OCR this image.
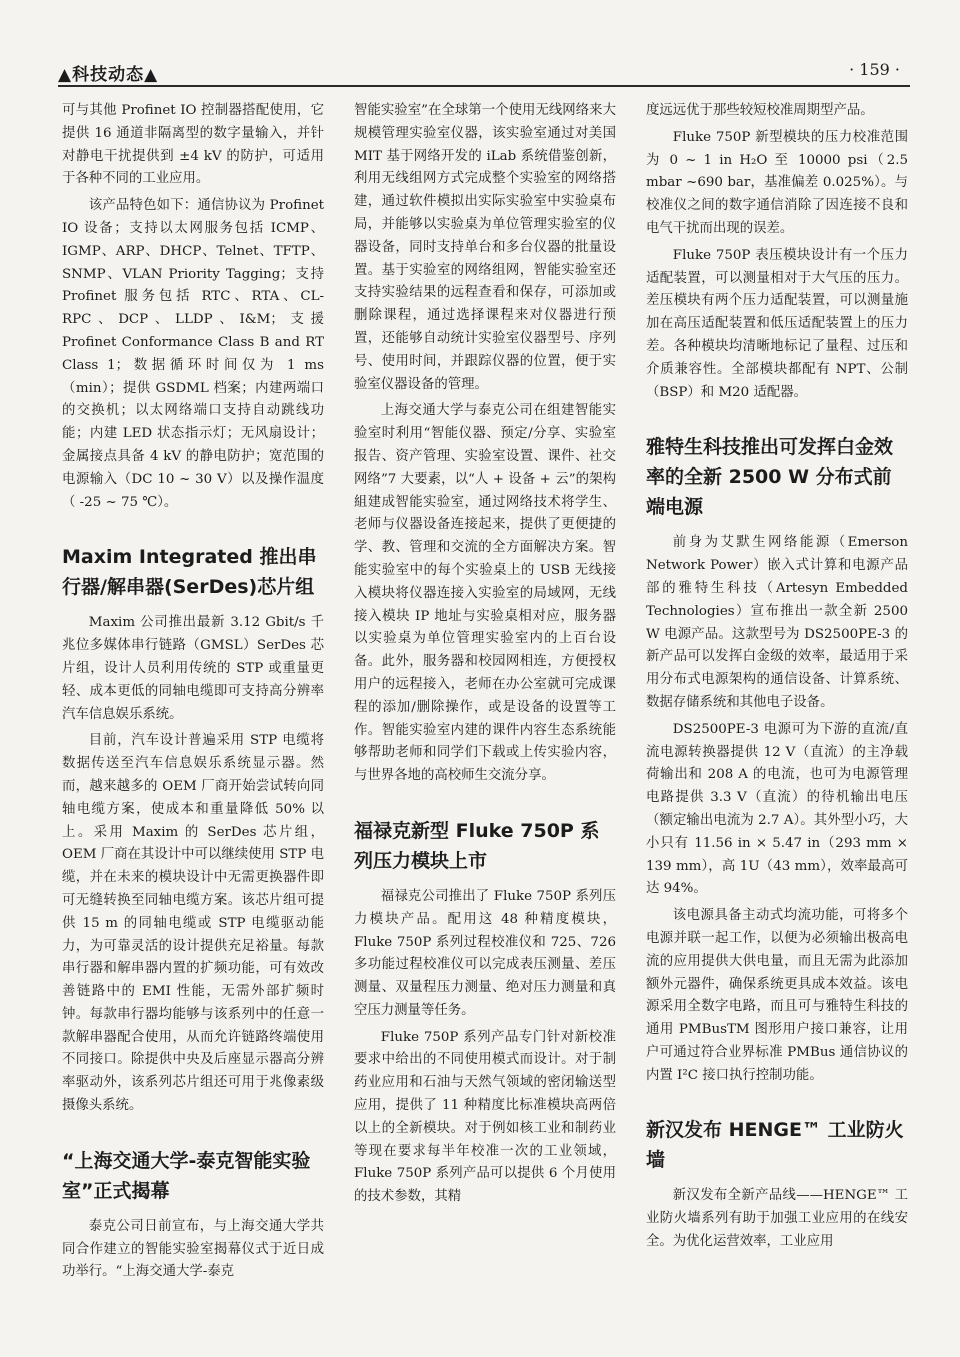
▲科技动态▲	· 159 ·

可与其他 Profinet IO 控制器搭配使用，它提供 16 通道非隔离型的数字量输入，并针对静电干扰提供到 ±4 kV 的防护，可适用于各种不同的工业应用。

该产品特色如下：通信协议为 Profinet IO 设备；支持以太网服务包括 ICMP、IGMP、ARP、DHCP、Telnet、TFTP、SNMP、VLAN Priority Tagging；支持 Profinet 服务包括 RTC、RTA、CL-RPC、DCP、LLDP、I&M；支援 Profinet Conformance Class B and RT Class 1；数据循环时间仅为 1 ms（min）；提供 GSDML 档案；内建两端口的交换机；以太网络端口支持自动跳线功能；内建 LED 状态指示灯；无风扇设计；金属接点具备 4 kV 的静电防护；宽范围的电源输入（DC 10 ~ 30 V）以及操作温度（ -25 ~ 75 ℃）。

Maxim Integrated 推出串行器/解串器(SerDes)芯片组

Maxim 公司推出最新 3.12 Gbit/s 千兆位多媒体串行链路（GMSL）SerDes 芯片组，设计人员利用传统的 STP 或重量更轻、成本更低的同轴电缆即可支持高分辨率汽车信息娱乐系统。

目前，汽车设计普遍采用 STP 电缆将数据传送至汽车信息娱乐系统显示器。然而，越来越多的 OEM 厂商开始尝试转向同轴电缆方案，使成本和重量降低 50% 以上。采用 Maxim 的 SerDes 芯片组，OEM 厂商在其设计中可以继续使用 STP 电缆，并在未来的模块设计中无需更换器件即可无缝转换至同轴电缆方案。该芯片组可提供 15 m 的同轴电缆或 STP 电缆驱动能力，为可靠灵活的设计提供充足裕量。每款串行器和解串器内置的扩频功能，可有效改善链路中的 EMI 性能，无需外部扩频时钟。每款串行器均能够与该系列中的任意一款解串器配合使用，从而允许链路终端使用不同接口。除提供中央及后座显示器高分辨率驱动外，该系列芯片组还可用于兆像素级摄像头系统。

“上海交通大学-泰克智能实验室”正式揭幕

泰克公司日前宣布，与上海交通大学共同合作建立的智能实验室揭幕仪式于近日成功举行。“上海交通大学-泰克

智能实验室”在全球第一个使用无线网络来大规模管理实验室仪器，该实验室通过对美国 MIT 基于网络开发的 iLab 系统借鉴创新，利用无线组网方式完成整个实验室的网络搭建，通过软件模拟出实际实验室中实验桌布局，并能够以实验桌为单位管理实验室的仪器设备，同时支持单台和多台仪器的批量设置。基于实验室的网络组网，智能实验室还支持实验结果的远程查看和保存，可添加或删除课程，通过选择课程来对仪器进行预置，还能够自动统计实验室仪器型号、序列号、使用时间，并跟踪仪器的位置，便于实验室仪器设备的管理。

上海交通大学与泰克公司在组建智能实验室时利用“智能仪器、预定/分享、实验室报告、资产管理、实验室设置、课件、社交网络”7 大要素，以“人 + 设备 + 云”的架构組建成智能实验室，通过网络技术将学生、老师与仪器设备连接起来，提供了更便捷的学、教、管理和交流的全方面解决方案。智能实验室中的每个实验桌上的 USB 无线接入模块将仪器连接入实验室的局域网，无线接入模块 IP 地址与实验桌相对应，服务器以实验桌为单位管理实验室内的上百台设备。此外，服务器和校园网相连，方便授权用户的远程接入，老师在办公室就可完成课程的添加/删除操作，或是设备的设置等工作。智能实验室内建的课件内容生态系统能够帮助老师和同学们下载或上传实验内容，与世界各地的高校师生交流分享。

福禄克新型 Fluke 750P 系列压力模块上市

福禄克公司推出了 Fluke 750P 系列压力模块产品。配用这 48 种精度模块，Fluke 750P 系列过程校准仪和 725、726 多功能过程校准仪可以完成表压测量、差压测量、双量程压力测量、绝对压力测量和真空压力测量等任务。

Fluke 750P 系列产品专门针对新校准要求中给出的不同使用模式而设计。对于制药业应用和石油与天然气领域的密闭输送型应用，提供了 11 种精度比标准模块高两倍以上的全新模块。对于例如核工业和制药业等现在要求每半年校准一次的工业领域，Fluke 750P 系列产品可以提供 6 个月使用的技术参数，其精

度远远优于那些较短校准周期型产品。

Fluke 750P 新型模块的压力校准范围为 0 ~ 1 in H₂O 至 10000 psi（2.5 mbar ~690 bar，基准偏差 0.025%）。与校准仪之间的数字通信消除了因连接不良和电气干扰而出现的误差。

Fluke 750P 表压模块设计有一个压力适配装置，可以测量相对于大气压的压力。差压模块有两个压力适配装置，可以测量施加在高压适配装置和低压适配装置上的压力差。各种模块均清晰地标记了量程、过压和介质兼容性。全部模块都配有 NPT、公制（BSP）和 M20 适配器。

雅特生科技推出可发挥白金效率的全新 2500 W 分布式前端电源

前身为艾默生网络能源（Emerson Network Power）嵌入式计算和电源产品部的雅特生科技（Artesyn Embedded Technologies）宣布推出一款全新 2500 W 电源产品。这款型号为 DS2500PE-3 的新产品可以发挥白金级的效率，最适用于采用分布式电源架构的通信设备、计算系统、数据存储系统和其他电子设备。

DS2500PE-3 电源可为下游的直流/直流电源转换器提供 12 V（直流）的主净载荷输出和 208 A 的电流，也可为电源管理电路提供 3.3 V（直流）的待机输出电压（额定输出电流为 2.7 A）。其外型小巧，大小只有 11.56 in × 5.47 in（293 mm × 139 mm），高 1U（43 mm），效率最高可达 94%。

该电源具备主动式均流功能，可将多个电源并联一起工作，以便为必须输出极高电流的应用提供大供电量，而且无需为此添加额外元器件，确保系统更具成本效益。该电源采用全数字电路，而且可与雅特生科技的通用 PMBusTM 图形用户接口兼容，让用户可通过符合业界标准 PMBus 通信协议的内置 I²C 接口执行控制功能。

新汉发布 HENGE™ 工业防火墙

新汉发布全新产品线——HENGE™ 工业防火墙系列有助于加强工业应用的在线安全。为优化运营效率，工业应用
